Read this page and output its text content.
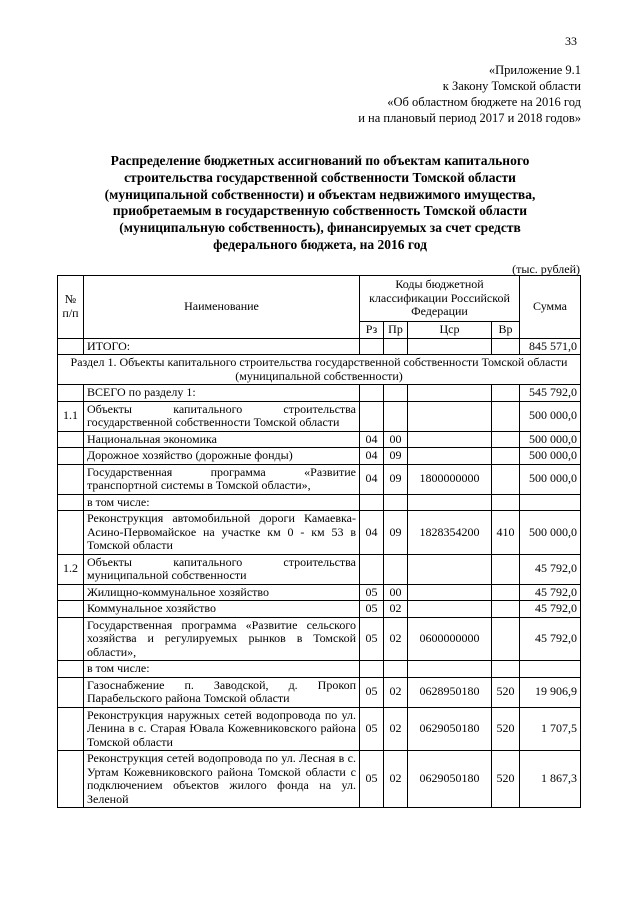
33
«Приложение 9.1
к Закону Томской области
«Об областном бюджете на 2016 год
и на плановый период 2017 и 2018 годов»
Распределение бюджетных ассигнований по объектам капитального
строительства государственной собственности Томской области
(муниципальной собственности) и объектам недвижимого имущества,
приобретаемым в государственную собственность Томской области
(муниципальную собственность), финансируемых за счет средств
федерального бюджета, на 2016 год
(тыс. рублей)
№ п/п	Наименование	Коды бюджетной классификации Российской Федерации				Сумма
		Рз	Пр	Цср	Вр	
	ИТОГО:					845 571,0
Раздел 1. Объекты капитального строительства государственной собственности Томской области (муниципальной собственности)						
	ВСЕГО по разделу 1:					545 792,0
1.1	Объекты капитального строительства государственной собственности Томской области					500 000,0
	Национальная экономика	04	00			500 000,0
	Дорожное хозяйство (дорожные фонды)	04	09			500 000,0
	Государственная программа «Развитие транспортной системы в Томской области»,	04	09	1800000000		500 000,0
	в том числе:					
	Реконструкция автомобильной дороги Камаевка-Асино-Первомайское на участке км 0 - км 53 в Томской области	04	09	1828354200	410	500 000,0
1.2	Объекты капитального строительства муниципальной собственности					45 792,0
	Жилищно-коммунальное хозяйство	05	00			45 792,0
	Коммунальное хозяйство	05	02			45 792,0
	Государственная программа «Развитие сельского хозяйства и регулируемых рынков в Томской области»,	05	02	0600000000		45 792,0
	в том числе:					
	Газоснабжение п. Заводской, д. Прокоп Парабельского района Томской области	05	02	0628950180	520	19 906,9
	Реконструкция наружных сетей водопровода по ул. Ленина в с. Старая Ювала Кожевниковского района Томской области	05	02	0629050180	520	1 707,5
	Реконструкция сетей водопровода по ул. Лесная в с. Уртам Кожевниковского района Томской области с подключением объектов жилого фонда на ул. Зеленой	05	02	0629050180	520	1 867,3
